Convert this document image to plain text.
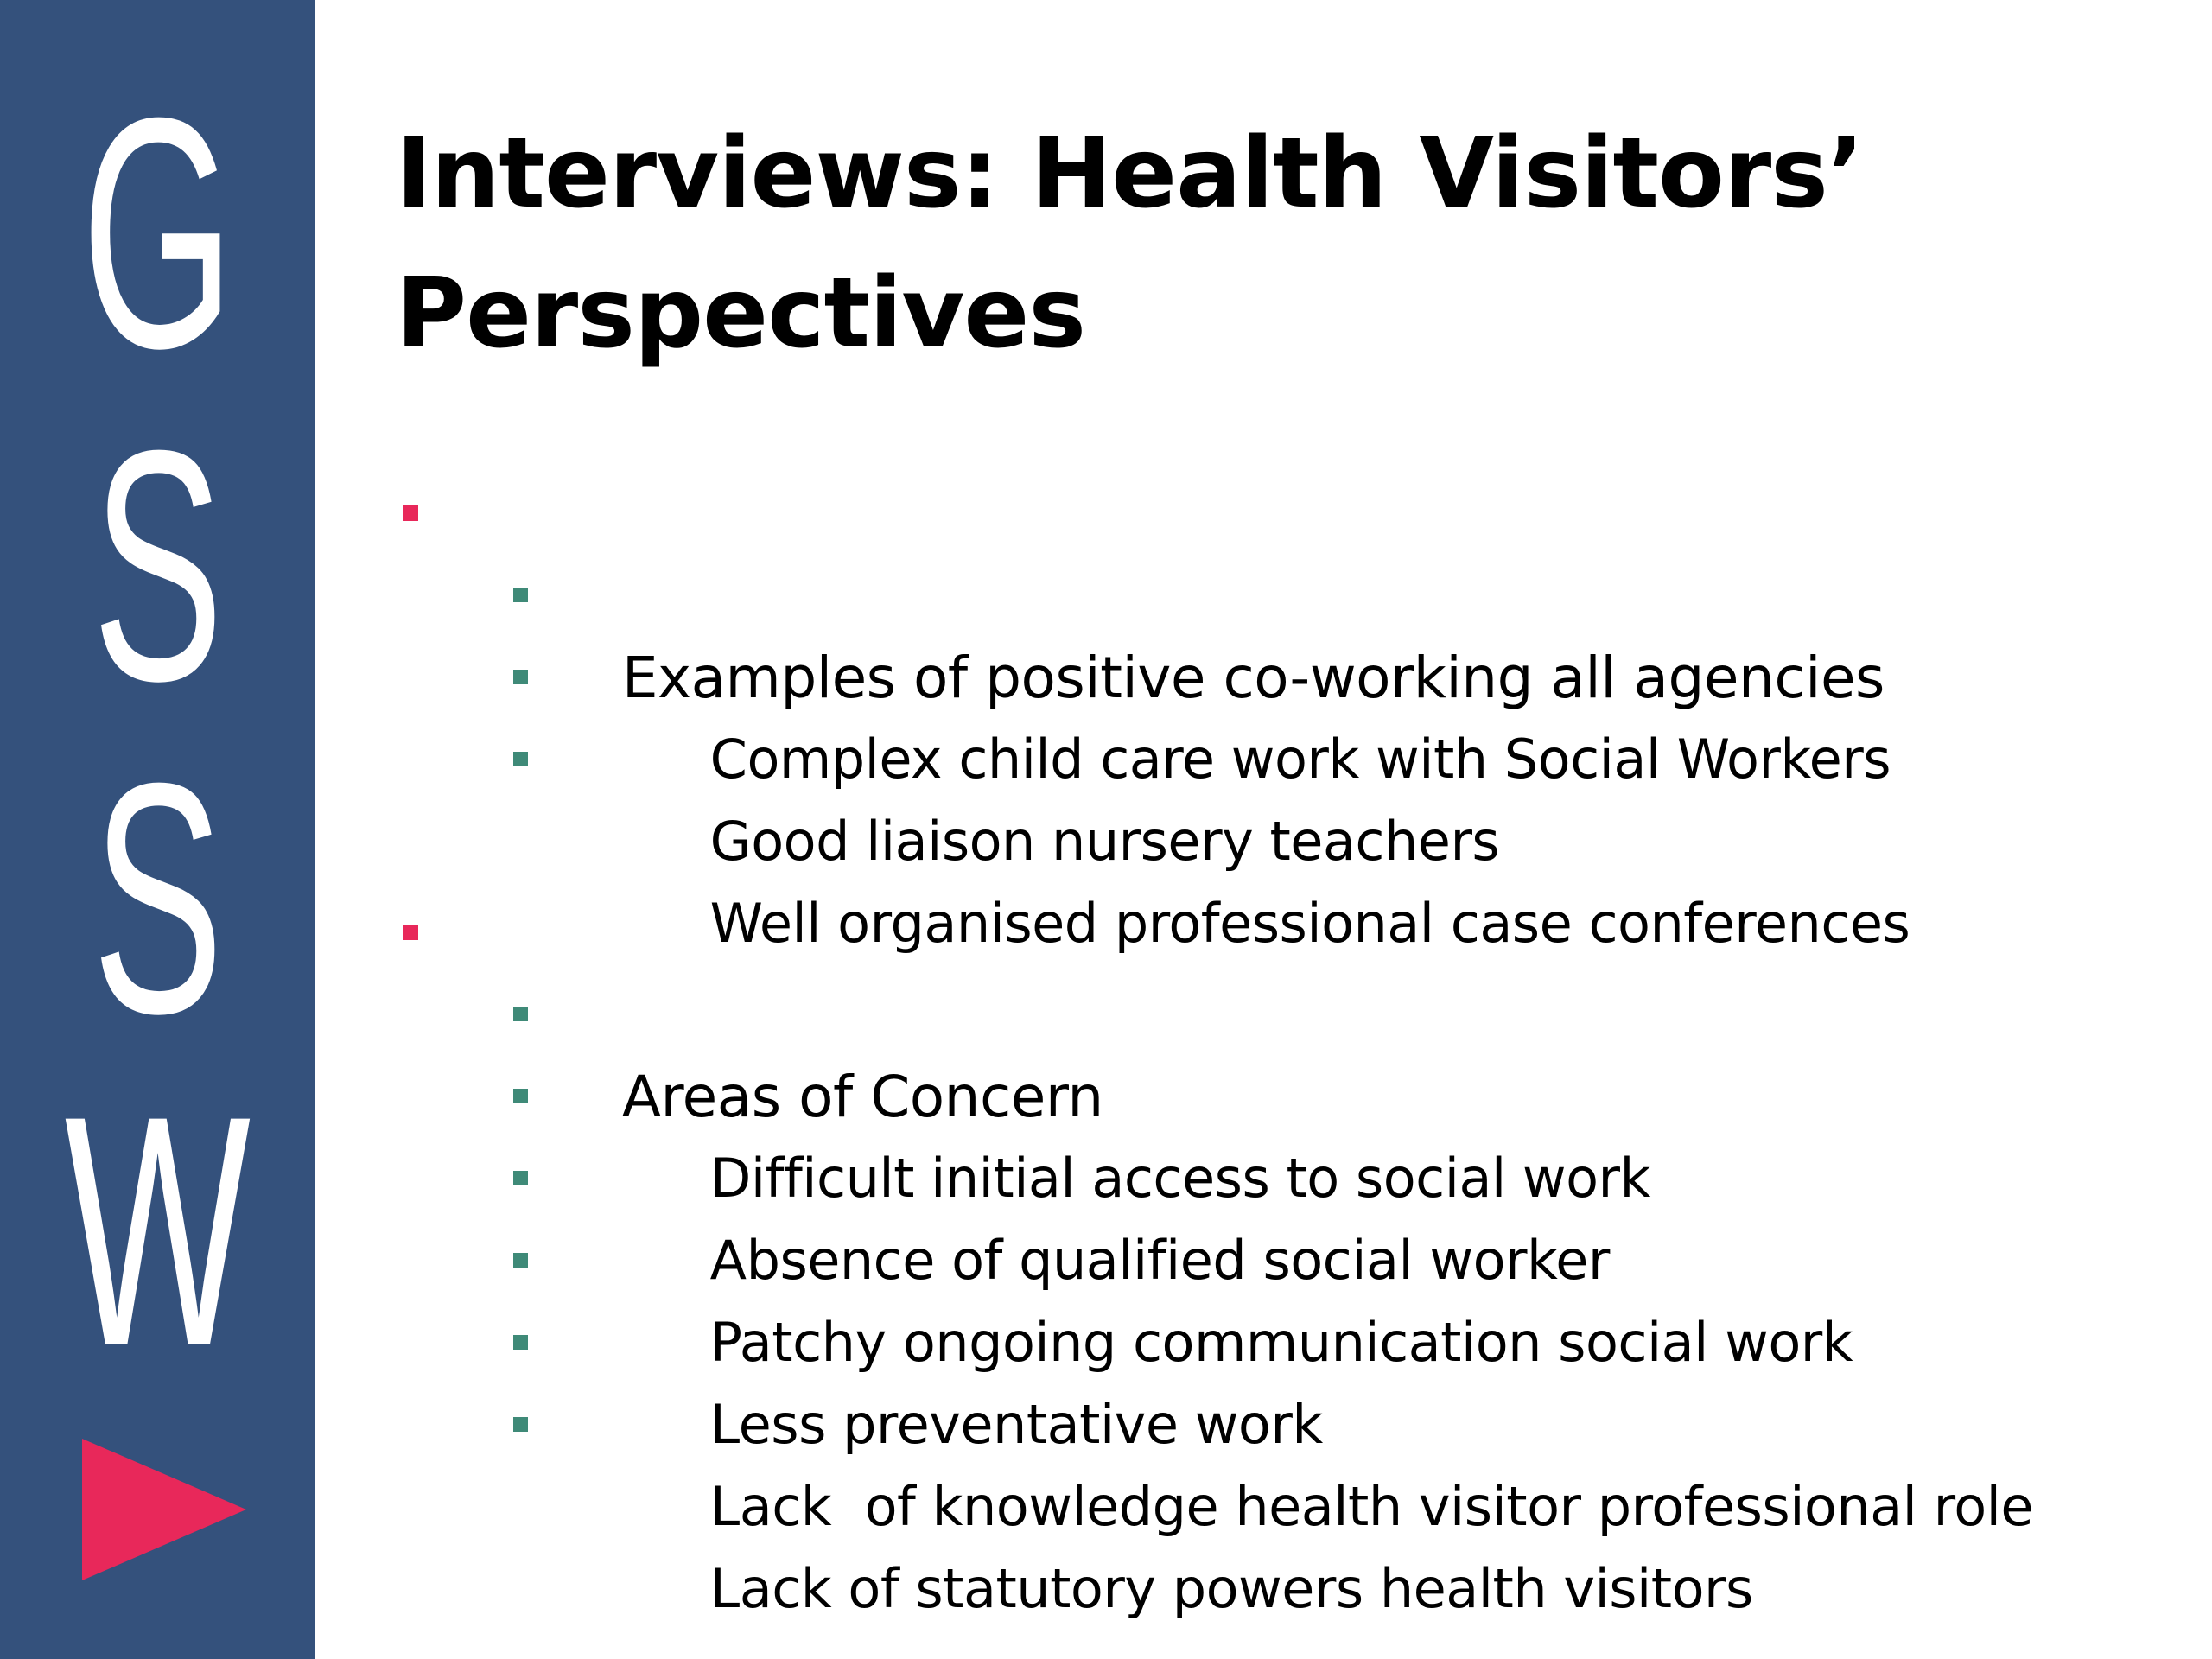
G
S
S
W
Interviews: Health Visitors’
Perspectives

Examples of positive co-working all agencies

Complex child care work with Social Workers

Good liaison nursery teachers

Well organised professional case conferences

Areas of Concern

Difficult initial access to social work

Absence of qualified social worker

Patchy ongoing communication social work

Less preventative work

Lack  of knowledge health visitor professional role

Lack of statutory powers health visitors
